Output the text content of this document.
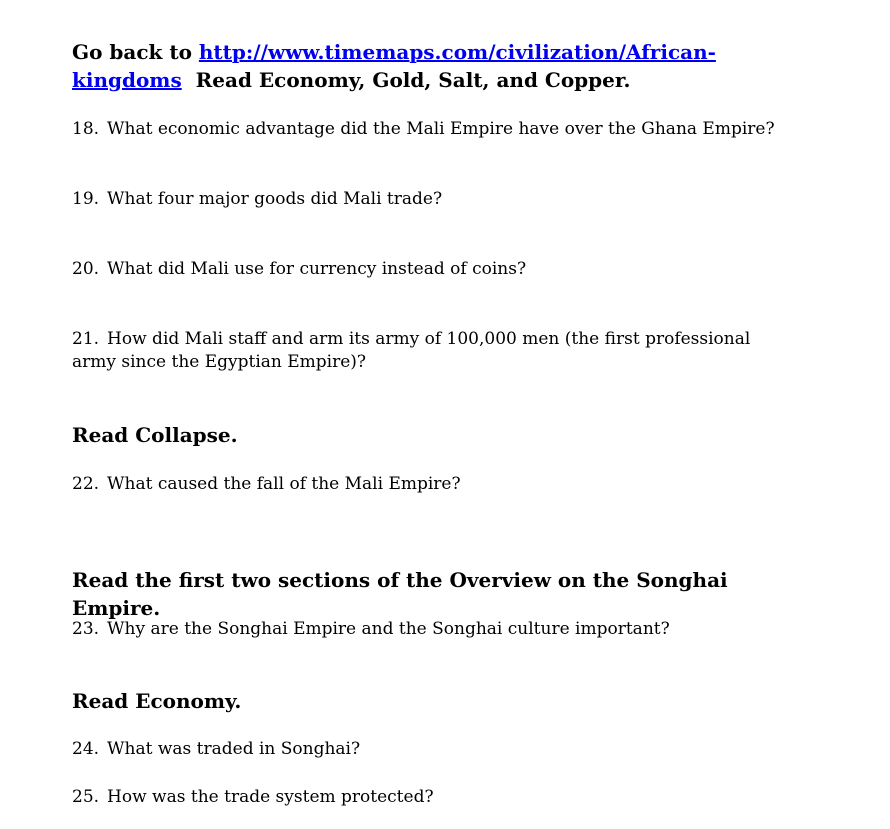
Go back to http://www.timemaps.com/civilization/African-kingdoms Read Economy, Gold, Salt, and Copper.

18. What economic advantage did the Mali Empire have over the Ghana Empire?

19. What four major goods did Mali trade?

20. What did Mali use for currency instead of coins?

21. How did Mali staff and arm its army of 100,000 men (the first professional army since the Egyptian Empire)?

Read Collapse.

22. What caused the fall of the Mali Empire?

Read the first two sections of the Overview on the Songhai Empire.

23. Why are the Songhai Empire and the Songhai culture important?

Read Economy.

24. What was traded in Songhai?

25. How was the trade system protected?
